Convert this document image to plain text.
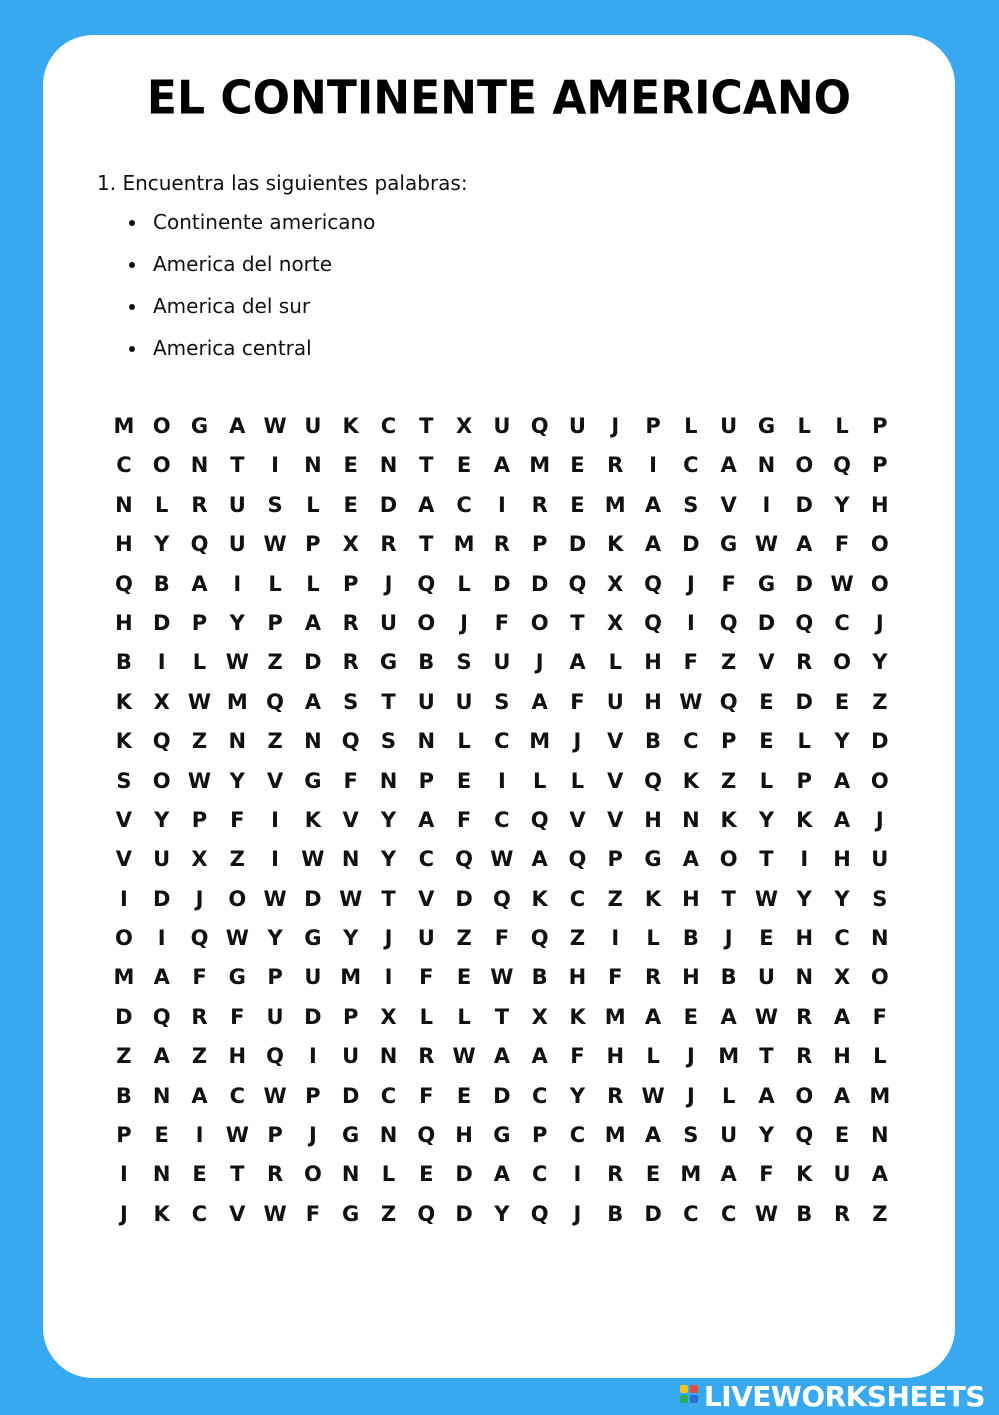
EL CONTINENTE AMERICANO
1. Encuentra las siguientes palabras:
Continente americano
America del norte
America del sur
America central
M O G	A W U	K	C	T	X	U Q U	J	P	L	U G	L	L	P
C	O N	T	I	N	E	N	T	E	A M E	R	I	C	A N O Q	P
N	L	R	U	S	L	E	D A	C	I	R	E M A	S	V	I	D	Y	H
H	Y	Q U W P	X	R	T M R	P	D K	A D G W A	F	O
Q B	A	I	L	L	P	J	Q	L	D D Q X Q	J	F	G D W O
H D	P	Y	P	A	R	U O	J	F	O	T	X Q	I	Q D Q	C	J
B	I	L W Z	D	R	G	B	S	U	J	A	L	H	F	Z	V	R O	Y
K	X W M Q A	S	T	U U	S	A	F	U H W Q	E	D	E	Z
K Q	Z	N	Z	N Q	S	N	L	C M	J	V	B	C	P	E	L	Y	D
S	O W Y	V	G	F	N	P	E	I	L	L	V Q K	Z	L	P	A O
V	Y	P	F	I	K	V	Y	A	F	C	Q V	V H N K	Y	K	A	J
V	U	X	Z	I	W N	Y	C	Q W A Q	P	G	A O	T	I	H U
I	D	J	O W D W T	V D Q K	C	Z	K H	T W Y	Y	S
O	I	Q W Y	G	Y	J	U	Z	F	Q	Z	I	L	B	J	E	H	C	N
M A	F	G	P	U M	I	F	E W B	H	F	R H	B	U N X O
D Q R	F	U D	P	X	L	L	T	X	K M A	E	A W R	A	F
Z	A	Z	H Q	I	U N R W A	A	F	H	L	J	M T	R H	L
B	N A	C W P	D	C	F	E	D	C	Y	R W	J	L	A O A M
P	E	I	W P	J	G N Q H G	P	C M A	S	U	Y	Q	E	N
I	N	E	T	R O N	L	E	D A	C	I	R	E M A	F	K	U	A
J	K	C	V W F	G	Z	Q D	Y	Q	J	B	D	C	C W B	R	Z
LIVEWORKSHEETS
